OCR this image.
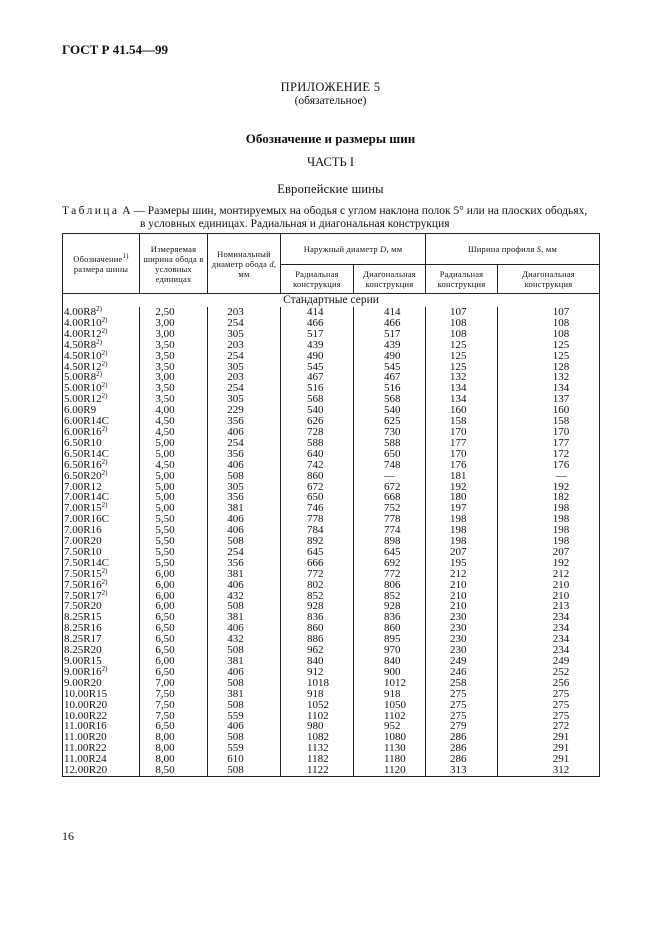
ГОСТ Р 41.54—99
ПРИЛОЖЕНИЕ 5
(обязательное)
Обозначение и размеры шин
ЧАСТЬ I
Европейские шины
Таблица А — Размеры шин, монтируемых на ободья с углом наклона полок 5° или на плоских ободьях,
в условных единицах. Радиальная и диагональная конструкция
Обозначение$^{1)}$ размера шины	Измеряемая ширина обода в условных единицах	Номинальный диаметр обода d, мм	Наружный диаметр D, мм		Ширина профиля S, мм	
			Радиальная конструкция	Диагональная конструкция	Радиальная конструкция	Диагональная конструкция
Стандартные серии						
4.00R8$^{2)}$	2,50	203	414	414	107	107
4.00R10$^{2)}$	3,00	254	466	466	108	108
4.00R12$^{2)}$	3,00	305	517	517	108	108
4.50R8$^{2)}$	3,50	203	439	439	125	125
4.50R10$^{2)}$	3,50	254	490	490	125	125
4.50R12$^{2)}$	3,50	305	545	545	125	128
5.00R8$^{2)}$	3,00	203	467	467	132	132
5.00R10$^{2)}$	3,50	254	516	516	134	134
5.00R12$^{2)}$	3,50	305	568	568	134	137
6.00R9	4,00	229	540	540	160	160
6.00R14C	4,50	356	626	625	158	158
6.00R16$^{2)}$	4,50	406	728	730	170	170
6.50R10	5,00	254	588	588	177	177
6.50R14C	5,00	356	640	650	170	172
6.50R16$^{2)}$	4,50	406	742	748	176	176
6.50R20$^{2)}$	5,00	508	860	—	181	—
7.00R12	5,00	305	672	672	192	192
7.00R14C	5,00	356	650	668	180	182
7.00R15$^{2)}$	5,00	381	746	752	197	198
7.00R16C	5,50	406	778	778	198	198
7.00R16	5,50	406	784	774	198	198
7.00R20	5,50	508	892	898	198	198
7.50R10	5,50	254	645	645	207	207
7.50R14C	5,50	356	666	692	195	192
7.50R15$^{2)}$	6,00	381	772	772	212	212
7.50R16$^{2)}$	6,00	406	802	806	210	210
7.50R17$^{2)}$	6,00	432	852	852	210	210
7.50R20	6,00	508	928	928	210	213
8.25R15	6,50	381	836	836	230	234
8.25R16	6,50	406	860	860	230	234
8.25R17	6,50	432	886	895	230	234
8.25R20	6,50	508	962	970	230	234
9.00R15	6,00	381	840	840	249	249
9.00R16$^{2)}$	6,50	406	912	900	246	252
9.00R20	7,00	508	1018	1012	258	256
10.00R15	7,50	381	918	918	275	275
10.00R20	7,50	508	1052	1050	275	275
10.00R22	7,50	559	1102	1102	275	275
11.00R16	6,50	406	980	952	279	272
11.00R20	8,00	508	1082	1080	286	291
11.00R22	8,00	559	1132	1130	286	291
11.00R24	8,00	610	1182	1180	286	291
12.00R20	8,50	508	1122	1120	313	312
16
